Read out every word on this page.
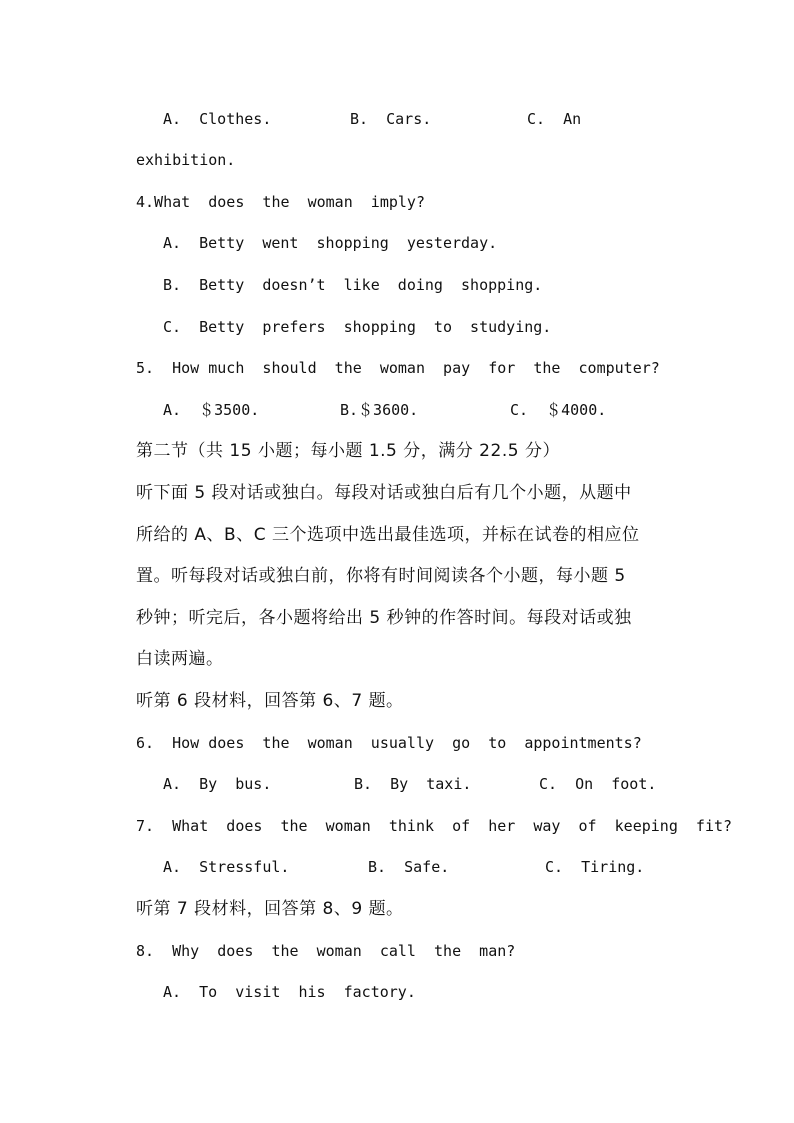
A.  Clothes.	B.  Cars.	C.  An
exhibition.
4.What  does  the  woman  imply?
A.  Betty  went  shopping  yesterday.
B.  Betty  doesn’t  like  doing  shopping.
C.  Betty  prefers  shopping  to  studying.
5.  How much  should  the  woman  pay  for  the  computer?
A.  ＄3500.	B.＄3600.	C.  ＄4000.
第二节（共 15 小题；每小题 1.5 分，满分 22.5 分）
听下面 5 段对话或独白。每段对话或独白后有几个小题，从题中
所给的 A、B、C 三个选项中选出最佳选项，并标在试卷的相应位
置。听每段对话或独白前，你将有时间阅读各个小题，每小题 5
秒钟；听完后，各小题将给出 5 秒钟的作答时间。每段对话或独
白读两遍。
听第 6 段材料，回答第 6、7 题。
6.  How does  the  woman  usually  go  to  appointments?
A.  By  bus.	B.  By  taxi.	C.  On  foot.
7.  What  does  the  woman  think  of  her  way  of  keeping  fit?
A.  Stressful.	B.  Safe.	C.  Tiring.
听第 7 段材料，回答第 8、9 题。
8.  Why  does  the  woman  call  the  man?
A.  To  visit  his  factory.
